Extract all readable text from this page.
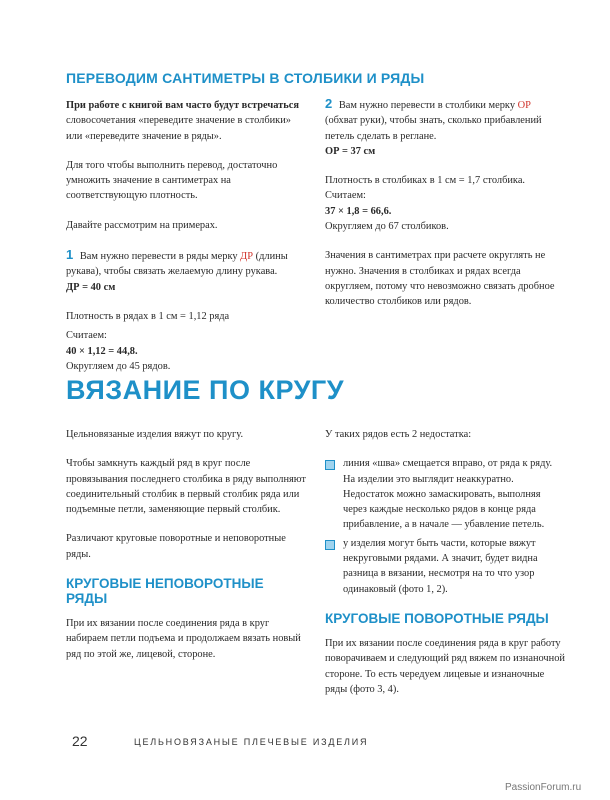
ПЕРЕВОДИМ САНТИМЕТРЫ В СТОЛБИКИ И РЯДЫ

При работе с книгой вам часто будут встречаться словосочетания «переведите значение в столбики» или «переведите значение в ряды».

Для того чтобы выполнить перевод, достаточно умножить значение в сантиметрах на соответствующую плотность.

Давайте рассмотрим на примерах.

1 Вам нужно перевести в ряды мерку ДР (длины рукава), чтобы связать желаемую длину рукава.

ДР = 40 см

Плотность в рядах в 1 см = 1,12 ряда

Считаем:

40 × 1,12 = 44,8.

Округляем до 45 рядов.

2 Вам нужно перевести в столбики мерку ОР (обхват руки), чтобы знать, сколько прибавлений петель сделать в реглане.

ОР = 37 см

Плотность в столбиках в 1 см = 1,7 столбика.

Считаем:

37 × 1,8 = 66,6.

Округляем до 67 столбиков.

Значения в сантиметрах при расчете округлять не нужно. Значения в столбиках и рядах всегда округляем, потому что невозможно связать дробное количество столбиков или рядов.

ВЯЗАНИЕ ПО КРУГУ

Цельновязаные изделия вяжут по кругу.

Чтобы замкнуть каждый ряд в круг после провязывания последнего столбика в ряду выполняют соединительный столбик в первый столбик ряда или подъемные петли, заменяющие первый столбик.

Различают круговые поворотные и неповоротные ряды.

КРУГОВЫЕ НЕПОВОРОТНЫЕ РЯДЫ

При их вязании после соединения ряда в круг набираем петли подъема и продолжаем вязать новый ряд по этой же, лицевой, стороне.

У таких рядов есть 2 недостатка:

линия «шва» смещается вправо, от ряда к ряду. На изделии это выглядит неаккуратно. Недостаток можно замаскировать, выполняя через каждые несколько рядов в конце ряда прибавление, а в начале — убавление петель.
у изделия могут быть части, которые вяжут некруговыми рядами. А значит, будет видна разница в вязании, несмотря на то что узор одинаковый (фото 1, 2).
КРУГОВЫЕ ПОВОРОТНЫЕ РЯДЫ

При их вязании после соединения ряда в круг работу поворачиваем и следующий ряд вяжем по изнаночной стороне. То есть чередуем лицевые и изнаночные ряды (фото 3, 4).

22	ЦЕЛЬНОВЯЗАНЫЕ ПЛЕЧЕВЫЕ ИЗДЕЛИЯ
PassionForum.ru
